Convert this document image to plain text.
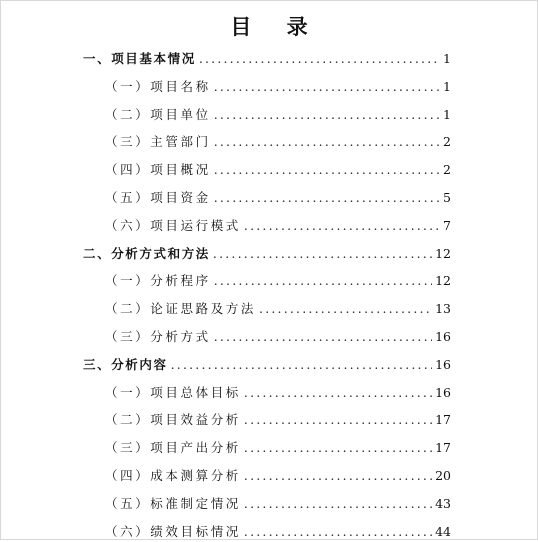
目 录
一、项目基本情况 .....	1
（一）项目名称 .....	1
（二）项目单位 .....	1
（三）主管部门 .....	2
（四）项目概况 .....	2
（五）项目资金 .....	5
（六）项目运行模式 .....	7
二、分析方式和方法 .....	12
（一）分析程序 .....	12
（二）论证思路及方法 .....	13
（三）分析方式 .....	16
三、分析内容 .....	16
（一）项目总体目标 .....	16
（二）项目效益分析 .....	17
（三）项目产出分析 .....	17
（四）成本测算分析 .....	20
（五）标准制定情况 .....	43
（六）绩效目标情况 .....	44
